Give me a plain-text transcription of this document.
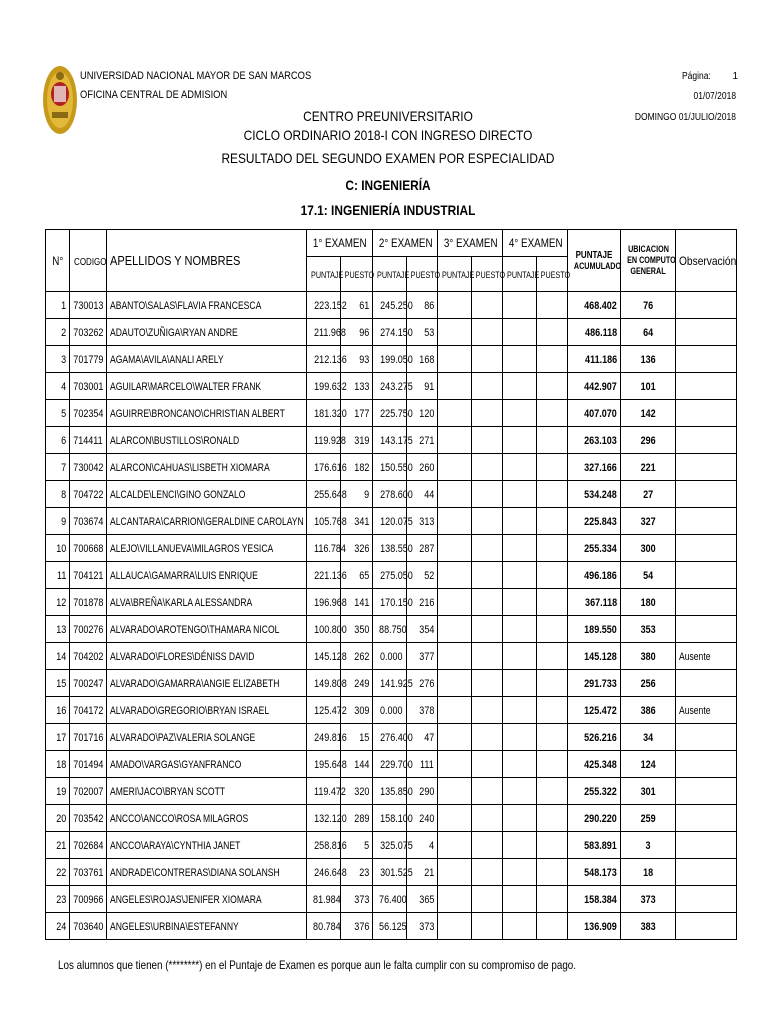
UNIVERSIDAD NACIONAL MAYOR DE SAN MARCOS
OFICINA CENTRAL DE ADMISION
Página:	1
01/07/2018
DOMINGO 01/JULIO/2018
CENTRO PREUNIVERSITARIO
CICLO ORDINARIO 2018-I CON INGRESO DIRECTO
RESULTADO DEL SEGUNDO EXAMEN POR ESPECIALIDAD
C: INGENIERÍA
17.1: INGENIERÍA INDUSTRIAL
N°	CODIGO	APELLIDOS Y NOMBRES	1° EXAMEN		2° EXAMEN		3° EXAMEN		4° EXAMEN		PUNTAJE
ACUMULADO	UBICACION
EN COMPUTO
GENERAL	Observación
			PUNTAJE	PUESTO	PUNTAJE	PUESTO	PUNTAJE	PUESTO	PUNTAJE	PUESTO			
1	730013	ABANTO\SALAS\FLAVIA FRANCESCA	223.152	61	245.250	86					468.402	76	
2	703262	ADAUTO\ZUÑIGA\RYAN ANDRE	211.968	96	274.150	53					486.118	64	
3	701779	AGAMA\AVILA\ANALI ARELY	212.136	93	199.050	168					411.186	136	
4	703001	AGUILAR\MARCELO\WALTER FRANK	199.632	133	243.275	91					442.907	101	
5	702354	AGUIRRE\BRONCANO\CHRISTIAN ALBERT	181.320	177	225.750	120					407.070	142	
6	714411	ALARCON\BUSTILLOS\RONALD	119.928	319	143.175	271					263.103	296	
7	730042	ALARCON\CAHUAS\LISBETH XIOMARA	176.616	182	150.550	260					327.166	221	
8	704722	ALCALDE\LENCI\GINO GONZALO	255.648	9	278.600	44					534.248	27	
9	703674	ALCANTARA\CARRION\GERALDINE CAROLAYN	105.768	341	120.075	313					225.843	327	
10	700668	ALEJO\VILLANUEVA\MILAGROS YESICA	116.784	326	138.550	287					255.334	300	
11	704121	ALLAUCA\GAMARRA\LUIS ENRIQUE	221.136	65	275.050	52					496.186	54	
12	701878	ALVA\BREÑA\KARLA ALESSANDRA	196.968	141	170.150	216					367.118	180	
13	700276	ALVARADO\AROTENGO\THAMARA NICOL	100.800	350	88.750	354					189.550	353	
14	704202	ALVARADO\FLORES\DÉNISS DAVID	145.128	262	0.000	377					145.128	380	Ausente
15	700247	ALVARADO\GAMARRA\ANGIE ELIZABETH	149.808	249	141.925	276					291.733	256	
16	704172	ALVARADO\GREGORIO\BRYAN ISRAEL	125.472	309	0.000	378					125.472	386	Ausente
17	701716	ALVARADO\PAZ\VALERIA SOLANGE	249.816	15	276.400	47					526.216	34	
18	701494	AMADO\VARGAS\GYANFRANCO	195.648	144	229.700	111					425.348	124	
19	702007	AMERI\JACO\BRYAN SCOTT	119.472	320	135.850	290					255.322	301	
20	703542	ANCCO\ANCCO\ROSA MILAGROS	132.120	289	158.100	240					290.220	259	
21	702684	ANCCO\ARAYA\CYNTHIA JANET	258.816	5	325.075	4					583.891	3	
22	703761	ANDRADE\CONTRERAS\DIANA SOLANSH	246.648	23	301.525	21					548.173	18	
23	700966	ANGELES\ROJAS\JENIFER XIOMARA	81.984	373	76.400	365					158.384	373	
24	703640	ANGELES\URBINA\ESTEFANNY	80.784	376	56.125	373					136.909	383	
Los alumnos que tienen (********) en el Puntaje de Examen es porque aun le falta cumplir con su compromiso de pago.
